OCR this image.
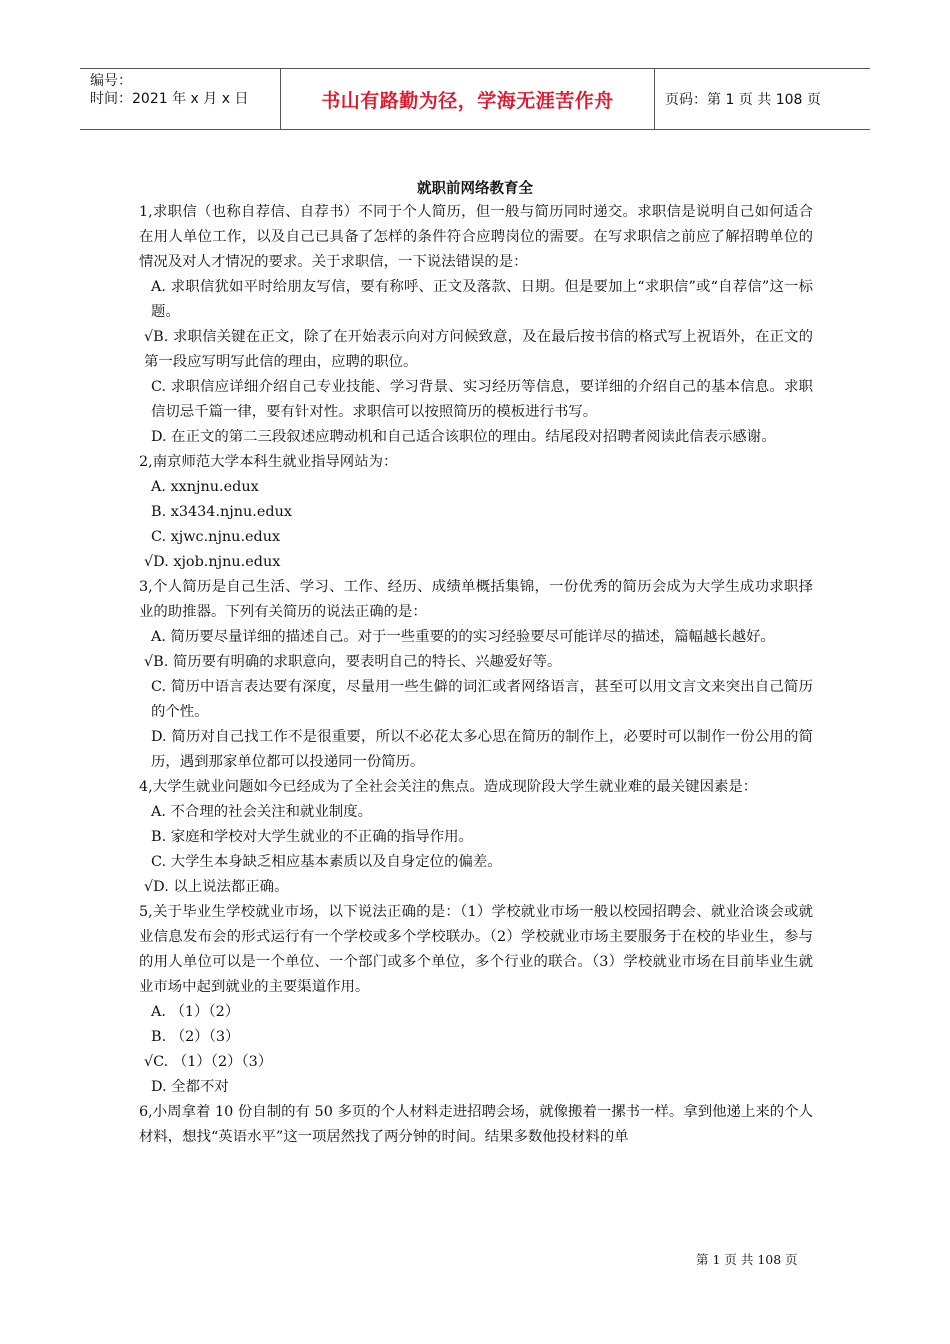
编号：
时间：2021 年 x 月 x 日	书山有路勤为径，学海无涯苦作舟	页码：第 1 页 共 108 页
就职前网络教育全

1,求职信（也称自荐信、自荐书）不同于个人简历，但一般与简历同时递交。求职信是说明自己如何适合在用人单位工作，以及自己已具备了怎样的条件符合应聘岗位的需要。在写求职信之前应了解招聘单位的情况及对人才情况的要求。关于求职信，一下说法错误的是：

A. 求职信犹如平时给朋友写信，要有称呼、正文及落款、日期。但是要加上“求职信”或“自荐信”这一标题。

√B. 求职信关键在正文，除了在开始表示向对方问候致意，及在最后按书信的格式写上祝语外，在正文的第一段应写明写此信的理由，应聘的职位。

C. 求职信应详细介绍自己专业技能、学习背景、实习经历等信息，要详细的介绍自己的基本信息。求职信切忌千篇一律，要有针对性。求职信可以按照简历的模板进行书写。

D. 在正文的第二三段叙述应聘动机和自己适合该职位的理由。结尾段对招聘者阅读此信表示感谢。

2,南京师范大学本科生就业指导网站为：

A. xxnjnu.edux

B. x3434.njnu.edux

C. xjwc.njnu.edux

√D. xjob.njnu.edux

3,个人简历是自己生活、学习、工作、经历、成绩单概括集锦，一份优秀的简历会成为大学生成功求职择业的助推器。下列有关简历的说法正确的是：

A. 简历要尽量详细的描述自己。对于一些重要的的实习经验要尽可能详尽的描述，篇幅越长越好。

√B. 简历要有明确的求职意向，要表明自己的特长、兴趣爱好等。

C. 简历中语言表达要有深度，尽量用一些生僻的词汇或者网络语言，甚至可以用文言文来突出自己简历的个性。

D. 简历对自己找工作不是很重要，所以不必花太多心思在简历的制作上，必要时可以制作一份公用的简历，遇到那家单位都可以投递同一份简历。

4,大学生就业问题如今已经成为了全社会关注的焦点。造成现阶段大学生就业难的最关键因素是：

A. 不合理的社会关注和就业制度。

B. 家庭和学校对大学生就业的不正确的指导作用。

C. 大学生本身缺乏相应基本素质以及自身定位的偏差。

√D. 以上说法都正确。

5,关于毕业生学校就业市场，以下说法正确的是：（1）学校就业市场一般以校园招聘会、就业洽谈会或就业信息发布会的形式运行有一个学校或多个学校联办。（2）学校就业市场主要服务于在校的毕业生，参与的用人单位可以是一个单位、一个部门或多个单位，多个行业的联合。（3）学校就业市场在目前毕业生就业市场中起到就业的主要渠道作用。

A. （1）（2）

B. （2）（3）

√C. （1）（2）（3）

D. 全都不对

6,小周拿着 10 份自制的有 50 多页的个人材料走进招聘会场，就像搬着一摞书一样。拿到他递上来的个人材料，想找“英语水平”这一项居然找了两分钟的时间。结果多数他投材料的单

第 1 页 共 108 页
